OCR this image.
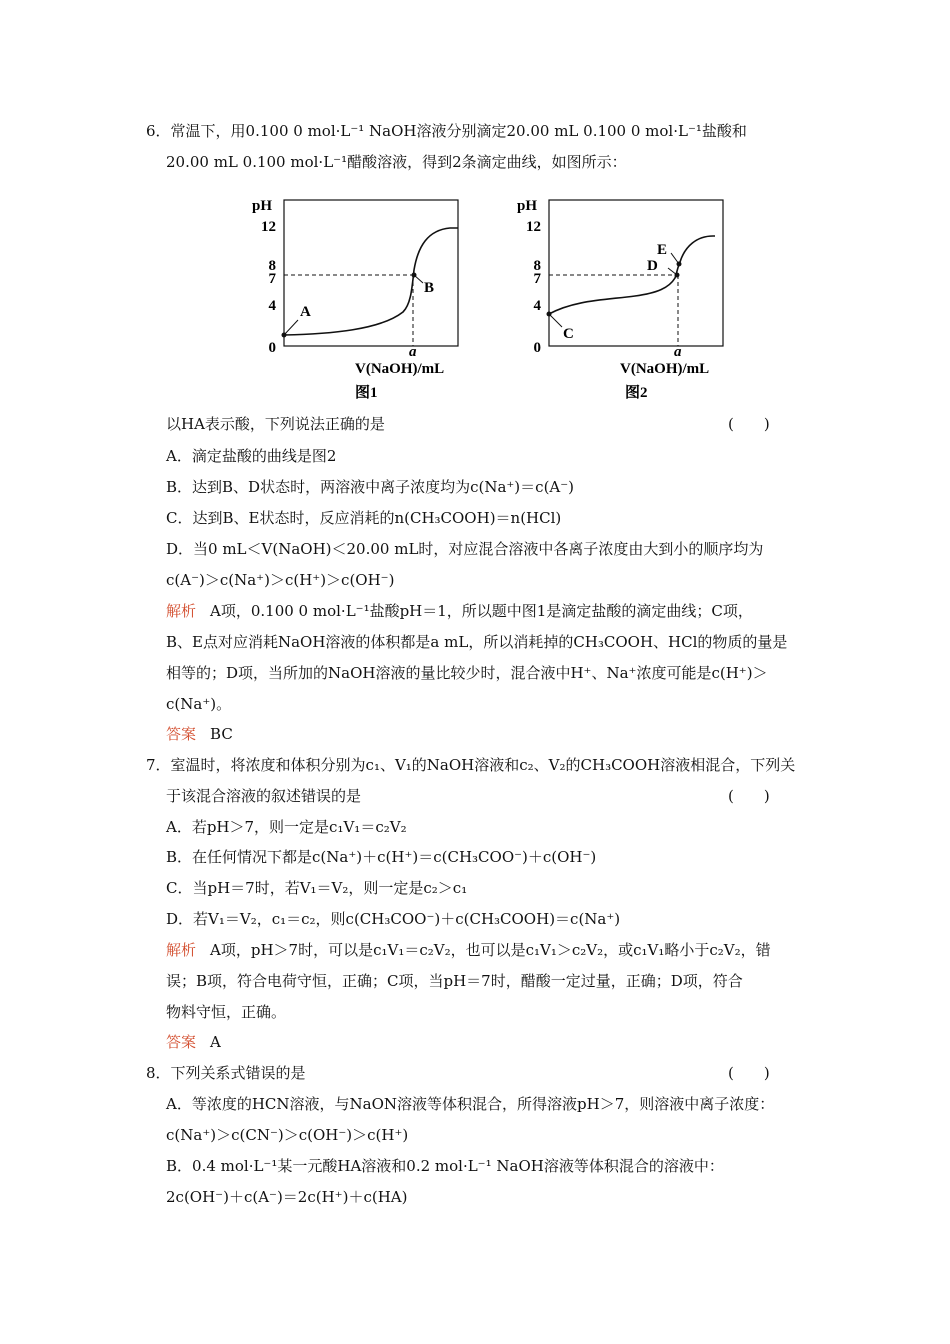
6．常温下，用0.100 0 mol·L⁻¹ NaOH溶液分别滴定20.00 mL 0.100 0 mol·L⁻¹盐酸和
20.00 mL 0.100 mol·L⁻¹醋酸溶液，得到2条滴定曲线，如图所示：
pH
12
8
7
4
0
A
B
a
V(NaOH)/mL
图1
pH
12
8
7
4
0
C
D
E
a
V(NaOH)/mL
图2
以HA表示酸，下列说法正确的是	(　　)
A．滴定盐酸的曲线是图2
B．达到B、D状态时，两溶液中离子浓度均为c(Na⁺)＝c(A⁻)
C．达到B、E状态时，反应消耗的n(CH₃COOH)＝n(HCl)
D．当0 mL＜V(NaOH)＜20.00 mL时，对应混合溶液中各离子浓度由大到小的顺序均为
c(A⁻)＞c(Na⁺)＞c(H⁺)＞c(OH⁻)
解析 A项，0.100 0 mol·L⁻¹盐酸pH＝1，所以题中图1是滴定盐酸的滴定曲线；C项，
B、E点对应消耗NaOH溶液的体积都是a mL，所以消耗掉的CH₃COOH、HCl的物质的量是
相等的；D项，当所加的NaOH溶液的量比较少时，混合液中H⁺、Na⁺浓度可能是c(H⁺)＞
c(Na⁺)。
答案 BC
7．室温时，将浓度和体积分别为c₁、V₁的NaOH溶液和c₂、V₂的CH₃COOH溶液相混合，下列关
于该混合溶液的叙述错误的是	(　　)
A．若pH＞7，则一定是c₁V₁＝c₂V₂
B．在任何情况下都是c(Na⁺)＋c(H⁺)＝c(CH₃COO⁻)＋c(OH⁻)
C．当pH＝7时，若V₁＝V₂，则一定是c₂＞c₁
D．若V₁＝V₂，c₁＝c₂，则c(CH₃COO⁻)＋c(CH₃COOH)＝c(Na⁺)
解析 A项，pH＞7时，可以是c₁V₁＝c₂V₂，也可以是c₁V₁＞c₂V₂，或c₁V₁略小于c₂V₂，错
误；B项，符合电荷守恒，正确；C项，当pH＝7时，醋酸一定过量，正确；D项，符合
物料守恒，正确。
答案 A
8．下列关系式错误的是	(　　)
A．等浓度的HCN溶液，与NaON溶液等体积混合，所得溶液pH＞7，则溶液中离子浓度：
c(Na⁺)＞c(CN⁻)＞c(OH⁻)＞c(H⁺)
B．0.4 mol·L⁻¹某一元酸HA溶液和0.2 mol·L⁻¹ NaOH溶液等体积混合的溶液中：
2c(OH⁻)＋c(A⁻)＝2c(H⁺)＋c(HA)
